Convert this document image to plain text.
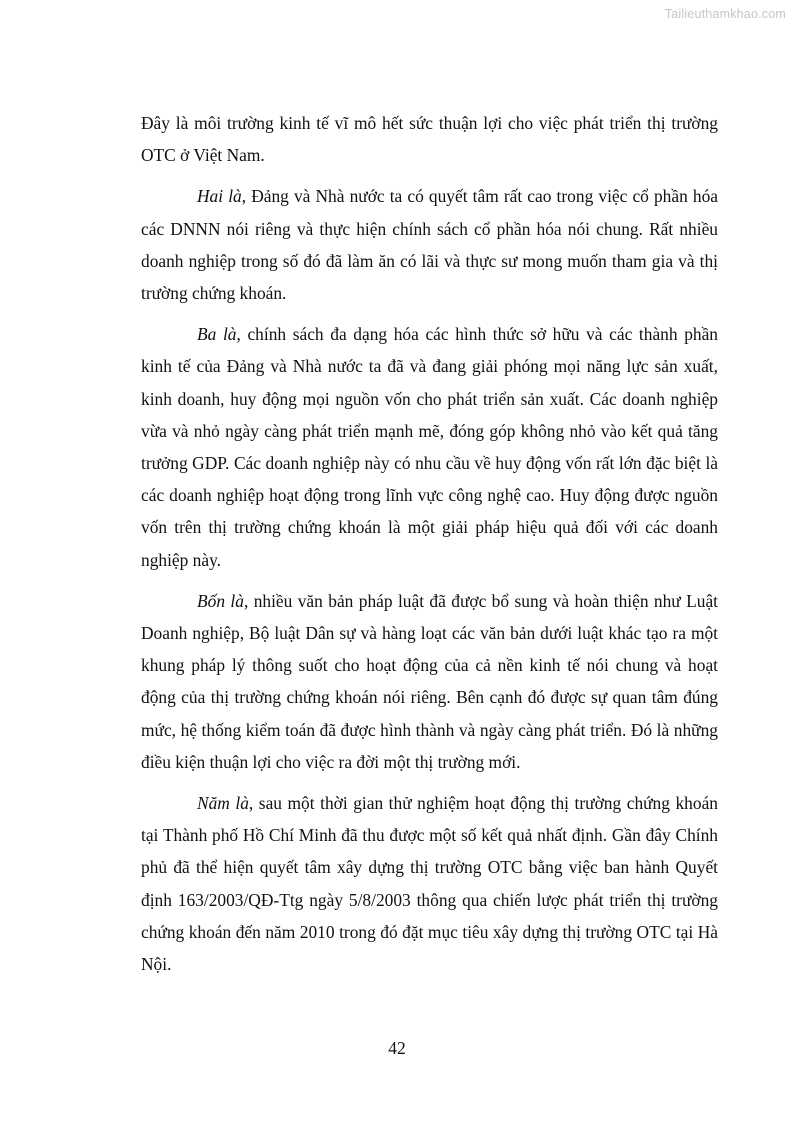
Tailieuthamkhao.com

Đây là môi trường kinh tế vĩ mô hết sức thuận lợi cho việc phát triển thị trường OTC ở Việt Nam.

Hai là, Đảng và Nhà nước ta có quyết tâm rất cao trong việc cổ phần hóa các DNNN nói riêng và thực hiện chính sách cổ phần hóa nói chung. Rất nhiều doanh nghiệp trong số đó đã làm ăn có lãi và thực sư mong muốn tham gia và thị trường chứng khoán.

Ba là, chính sách đa dạng hóa các hình thức sở hữu và các thành phần kinh tế của Đảng và Nhà nước ta đã và đang giải phóng mọi năng lực sản xuất, kinh doanh, huy động mọi nguồn vốn cho phát triển sản xuất. Các doanh nghiệp vừa và nhỏ ngày càng phát triển mạnh mẽ, đóng góp không nhỏ vào kết quả tăng trưởng GDP. Các doanh nghiệp này có nhu cầu về huy động vốn rất lớn đặc biệt là các doanh nghiệp hoạt động trong lĩnh vực công nghệ cao. Huy động được nguồn vốn trên thị trường chứng khoán là một giải pháp hiệu quả đối với các doanh nghiệp này.

Bốn là, nhiều văn bản pháp luật đã được bổ sung và hoàn thiện như Luật Doanh nghiệp, Bộ luật Dân sự và hàng loạt các văn bản dưới luật khác tạo ra một khung pháp lý thông suốt cho hoạt động của cả nền kinh tế nói chung và hoạt động của thị trường chứng khoán nói riêng. Bên cạnh đó được sự quan tâm đúng mức, hệ thống kiểm toán đã được hình thành và ngày càng phát triển. Đó là những điều kiện thuận lợi cho việc ra đời một thị trường mới.

Năm là, sau một thời gian thử nghiệm hoạt động thị trường chứng khoán tại Thành phố Hồ Chí Minh đã thu được một số kết quả nhất định. Gần đây Chính phủ đã thể hiện quyết tâm xây dựng thị trường OTC bằng việc ban hành Quyết định 163/2003/QĐ-Ttg ngày 5/8/2003 thông qua chiến lược phát triển thị trường chứng khoán đến năm 2010 trong đó đặt mục tiêu xây dựng thị trường OTC tại Hà Nội.

42
